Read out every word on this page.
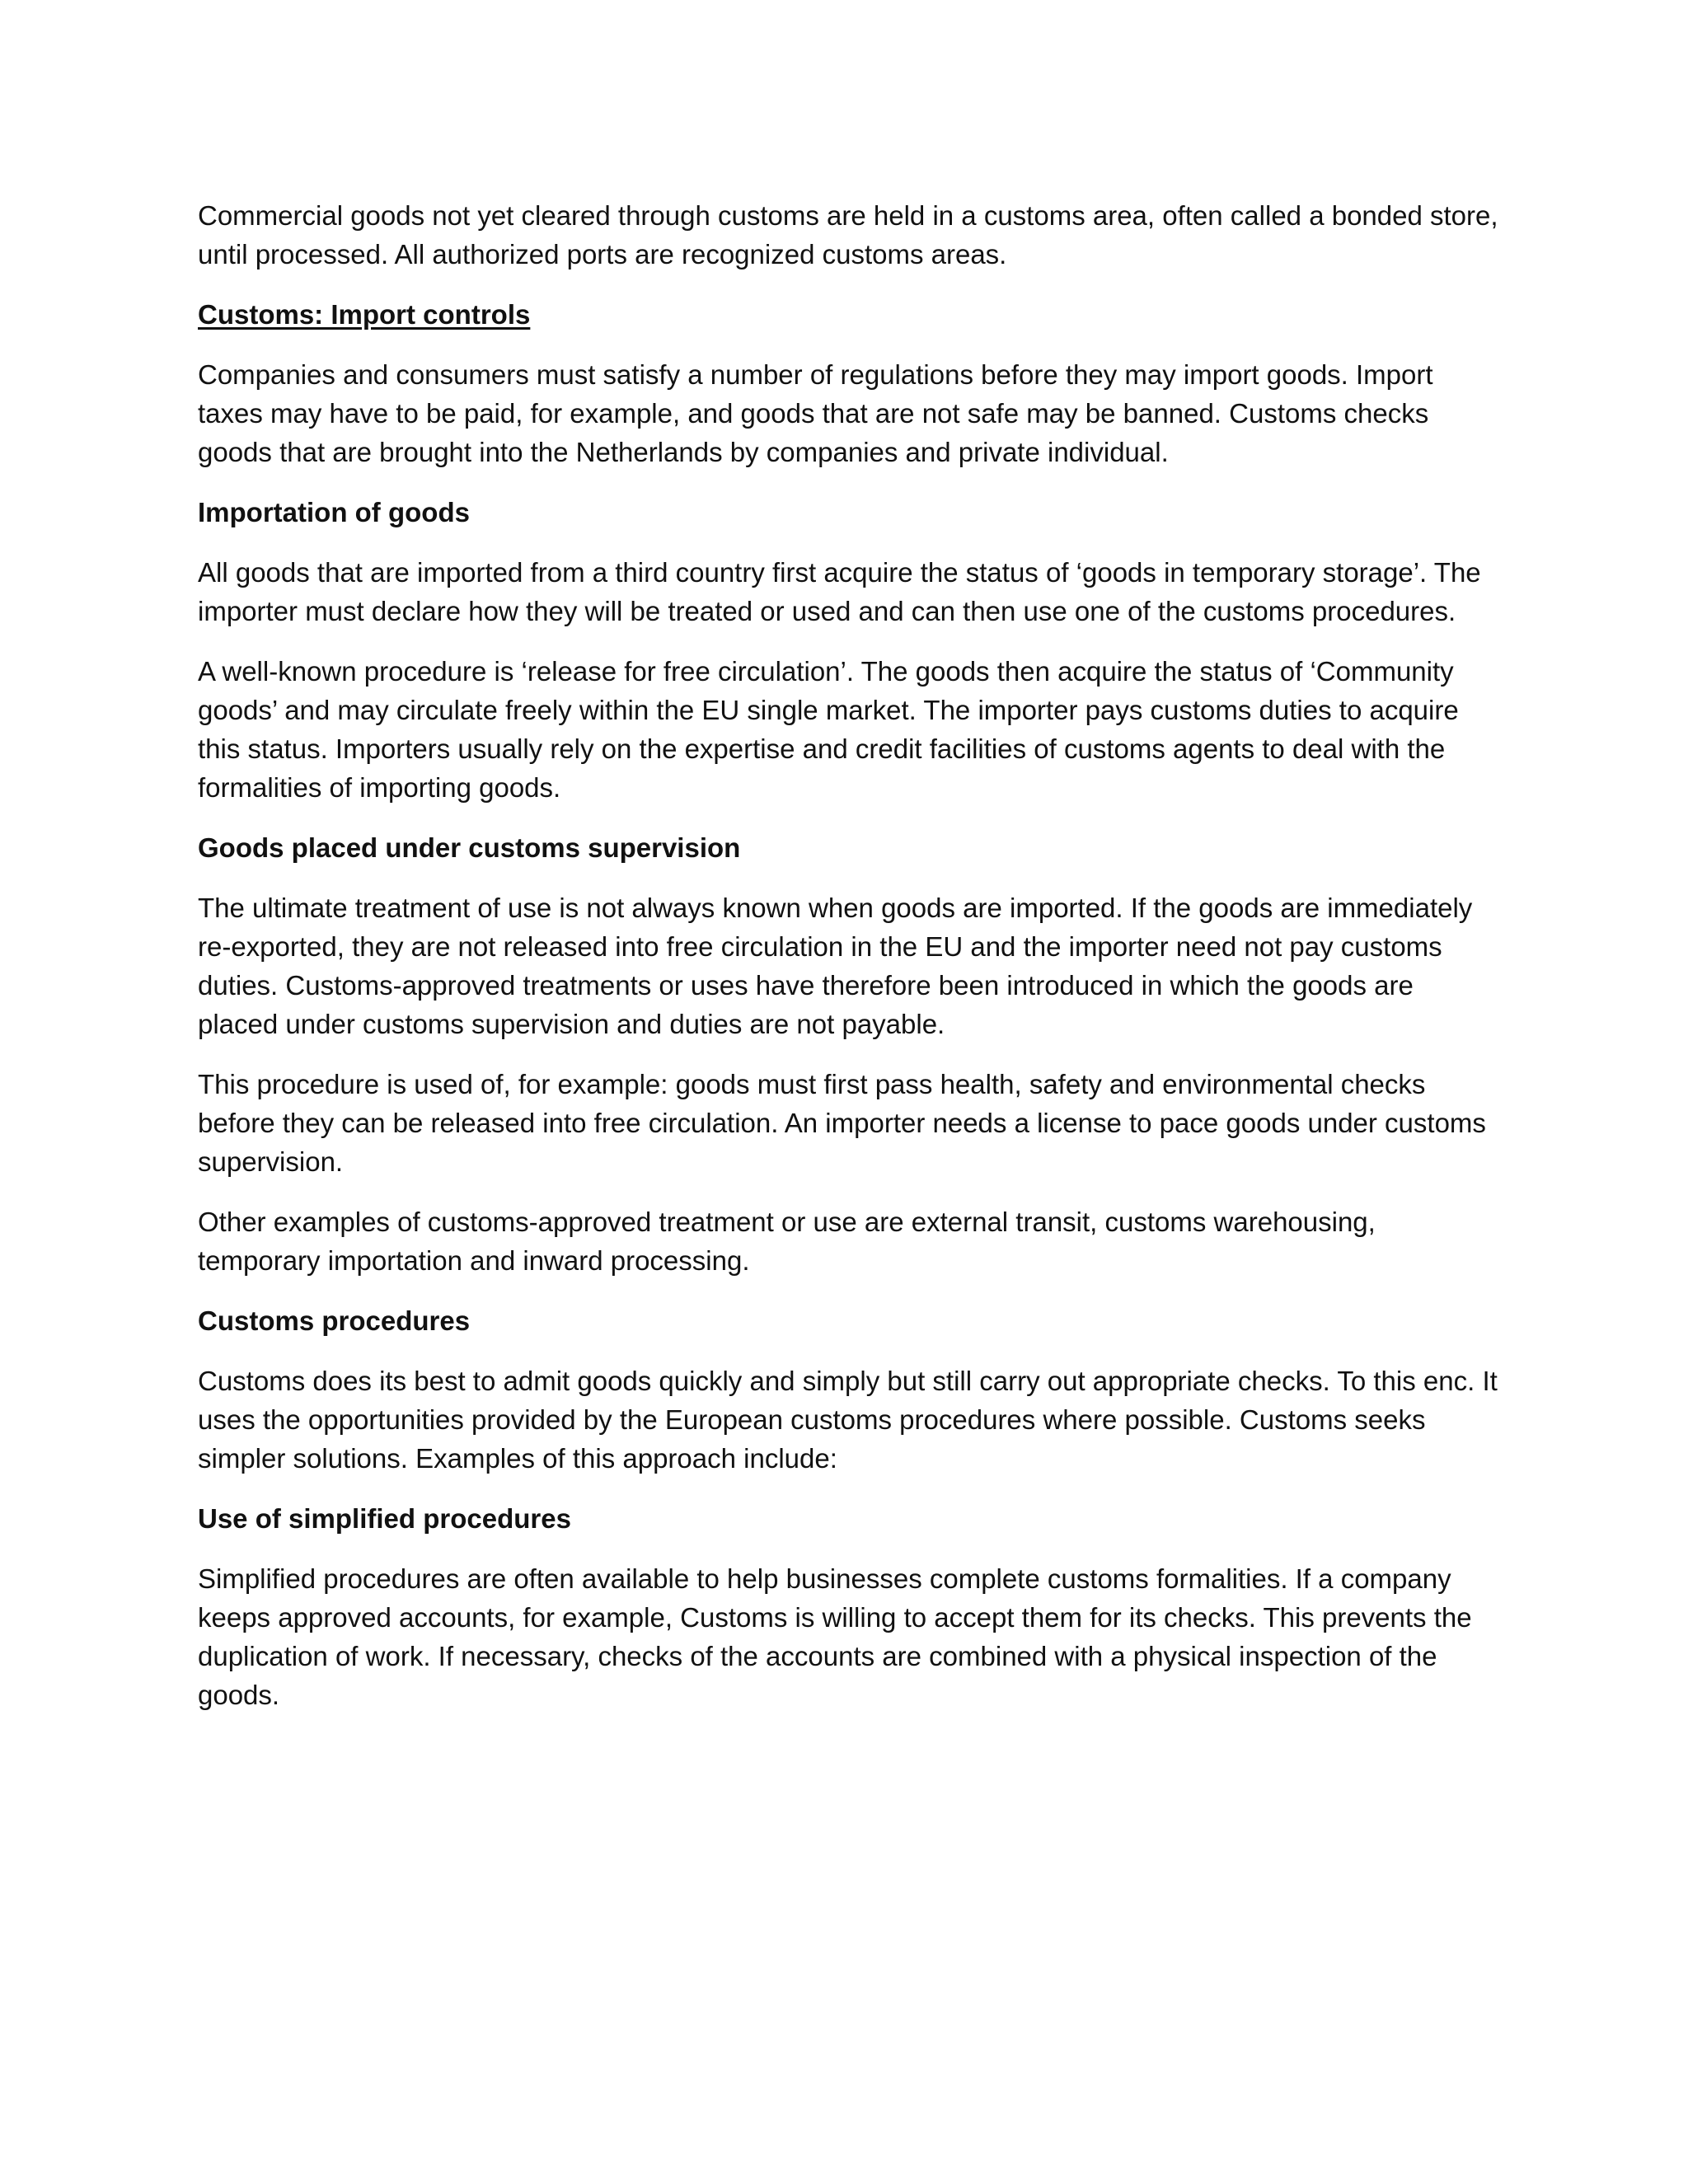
Commercial goods not yet cleared through customs are held in a customs area, often called a bonded store, until processed. All authorized ports are recognized customs areas.

Customs: Import controls

Companies and consumers must satisfy a number of regulations before they may import goods. Import taxes may have to be paid, for example, and goods that are not safe may be banned. Customs checks goods that are brought into the Netherlands by companies and private individual.

Importation of goods

All goods that are imported from a third country first acquire the status of ‘goods in temporary storage’. The importer must declare how they will be treated or used and can then use one of the customs procedures.

A well-known procedure is ‘release for free circulation’. The goods then acquire the status of ‘Community goods’ and may circulate freely within the EU single market. The importer pays customs duties to acquire this status. Importers usually rely on the expertise and credit facilities of customs agents to deal with the formalities of importing goods.

Goods placed under customs supervision

The ultimate treatment of use is not always known when goods are imported. If the goods are immediately re-exported, they are not released into free circulation in the EU and the importer need not pay customs duties. Customs-approved treatments or uses have therefore been introduced in which the goods are placed under customs supervision and duties are not payable.

This procedure is used of, for example: goods must first pass health, safety and environmental checks before they can be released into free circulation. An importer needs a license to pace goods under customs supervision.

Other examples of customs-approved treatment or use are external transit, customs warehousing, temporary importation and inward processing.

Customs procedures

Customs does its best to admit goods quickly and simply but still carry out appropriate checks. To this enc. It uses the opportunities provided by the European customs procedures where possible. Customs seeks simpler solutions. Examples of this approach include:

Use of simplified procedures

Simplified procedures are often available to help businesses complete customs formalities. If a company keeps approved accounts, for example, Customs is willing to accept them for its checks. This prevents the duplication of work. If necessary, checks of the accounts are combined with a physical inspection of the goods.
